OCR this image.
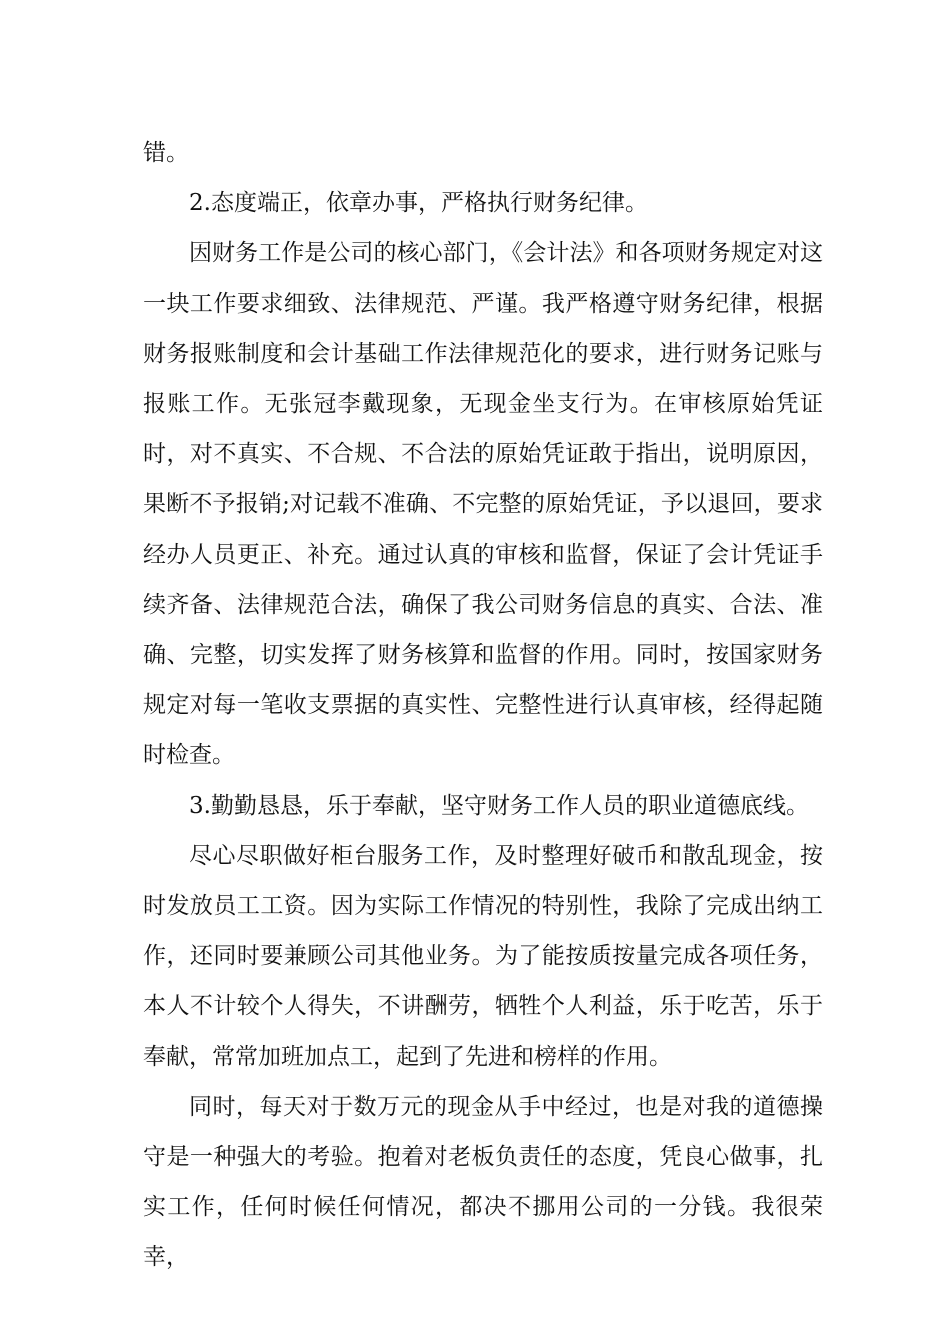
错。

2.态度端正，依章办事，严格执行财务纪律。

因财务工作是公司的核心部门，《会计法》和各项财务规定对这一块工作要求细致、法律规范、严谨。我严格遵守财务纪律，根据财务报账制度和会计基础工作法律规范化的要求，进行财务记账与报账工作。无张冠李戴现象，无现金坐支行为。在审核原始凭证时，对不真实、不合规、不合法的原始凭证敢于指出，说明原因，果断不予报销;对记载不准确、不完整的原始凭证，予以退回，要求经办人员更正、补充。通过认真的审核和监督，保证了会计凭证手续齐备、法律规范合法，确保了我公司财务信息的真实、合法、准确、完整，切实发挥了财务核算和监督的作用。同时，按国家财务规定对每一笔收支票据的真实性、完整性进行认真审核，经得起随时检查。

3.勤勤恳恳，乐于奉献，坚守财务工作人员的职业道德底线。

尽心尽职做好柜台服务工作，及时整理好破币和散乱现金，按时发放员工工资。因为实际工作情况的特别性，我除了完成出纳工作，还同时要兼顾公司其他业务。为了能按质按量完成各项任务，本人不计较个人得失，不讲酬劳，牺牲个人利益，乐于吃苦，乐于奉献，常常加班加点工，起到了先进和榜样的作用。

同时，每天对于数万元的现金从手中经过，也是对我的道德操守是一种强大的考验。抱着对老板负责任的态度，凭良心做事，扎实工作，任何时候任何情况，都决不挪用公司的一分钱。我很荣幸，
